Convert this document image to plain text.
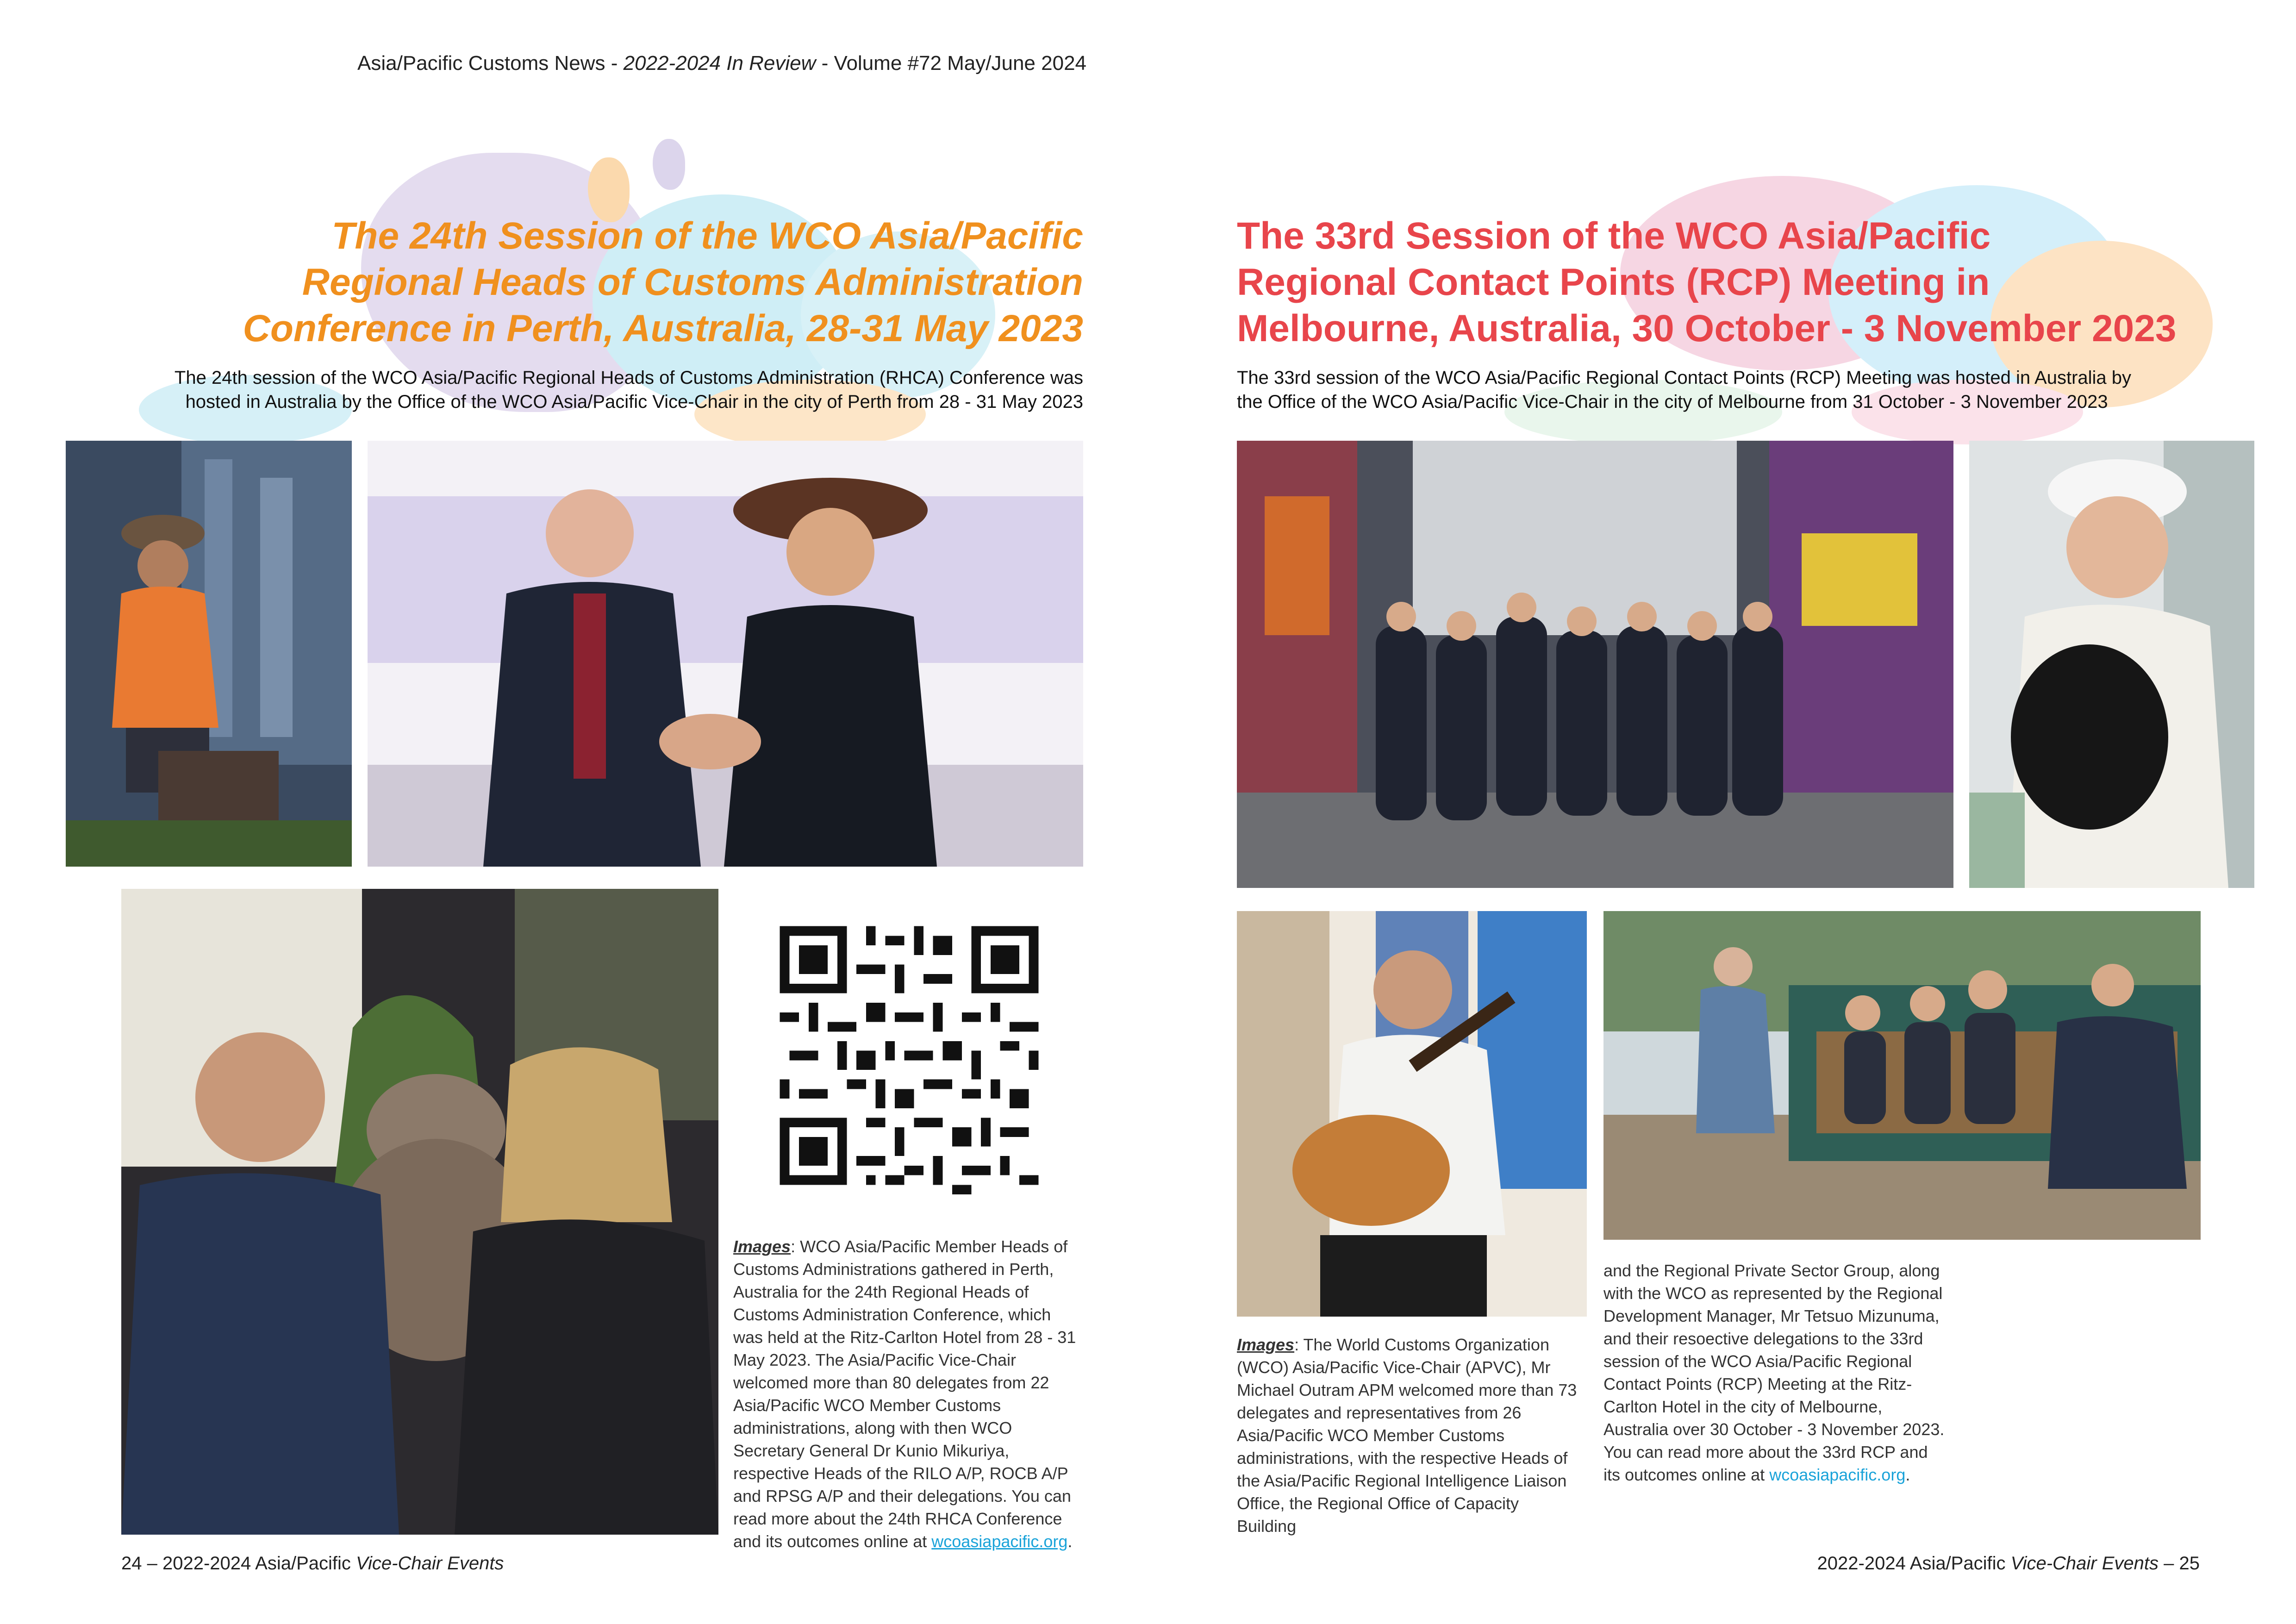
Asia/Pacific Customs News - 2022-2024 In Review - Volume #72 May/June 2024
The 24th Session of the WCO Asia/Pacific
Regional Heads of Customs Administration
Conference in Perth, Australia, 28-31 May 2023
The 24th session of the WCO Asia/Pacific Regional Heads of Customs Administration (RHCA) Conference was
hosted in Australia by the Office of the WCO Asia/Pacific Vice-Chair in the city of Perth from 28 - 31 May 2023
Images: WCO Asia/Pacific Member Heads of Customs Administrations gathered in Perth, Australia for the 24th Regional Heads of Customs Administration Conference, which was held at the Ritz-Carlton Hotel from 28 - 31 May 2023. The Asia/Pacific Vice-Chair welcomed more than 80 delegates from 22 Asia/Pacific WCO Member Customs administrations, along with then WCO Secretary General Dr Kunio Mikuriya, respective Heads of the RILO A/P, ROCB A/P and RPSG A/P and their delegations. You can read more about the 24th RHCA Conference and its outcomes online at wcoasiapacific.org.
The 33rd Session of the WCO Asia/Pacific
Regional Contact Points (RCP) Meeting in
Melbourne, Australia, 30 October - 3 November 2023
The 33rd session of the WCO Asia/Pacific Regional Contact Points (RCP) Meeting was hosted in Australia by
the Office of the WCO Asia/Pacific Vice-Chair in the city of Melbourne from 31 October - 3 November 2023
Images: The World Customs Organization (WCO) Asia/Pacific Vice-Chair (APVC), Mr Michael Outram APM welcomed more than 73 delegates and representatives from 26 Asia/Pacific WCO Member Customs administrations, with the respective Heads of the Asia/Pacific Regional Intelligence Liaison Office, the Regional Office of Capacity Building
and the Regional Private Sector Group, along with the WCO as represented by the Regional Development Manager, Mr Tetsuo Mizunuma, and their resoective delegations to the 33rd session of the WCO Asia/Pacific Regional Contact Points (RCP) Meeting at the Ritz-Carlton Hotel in the city of Melbourne, Australia over 30 October - 3 November 2023. You can read more about the 33rd RCP and its outcomes online at wcoasiapacific.org.
24 – 2022-2024 Asia/Pacific Vice-Chair Events	2022-2024 Asia/Pacific Vice-Chair Events – 25
